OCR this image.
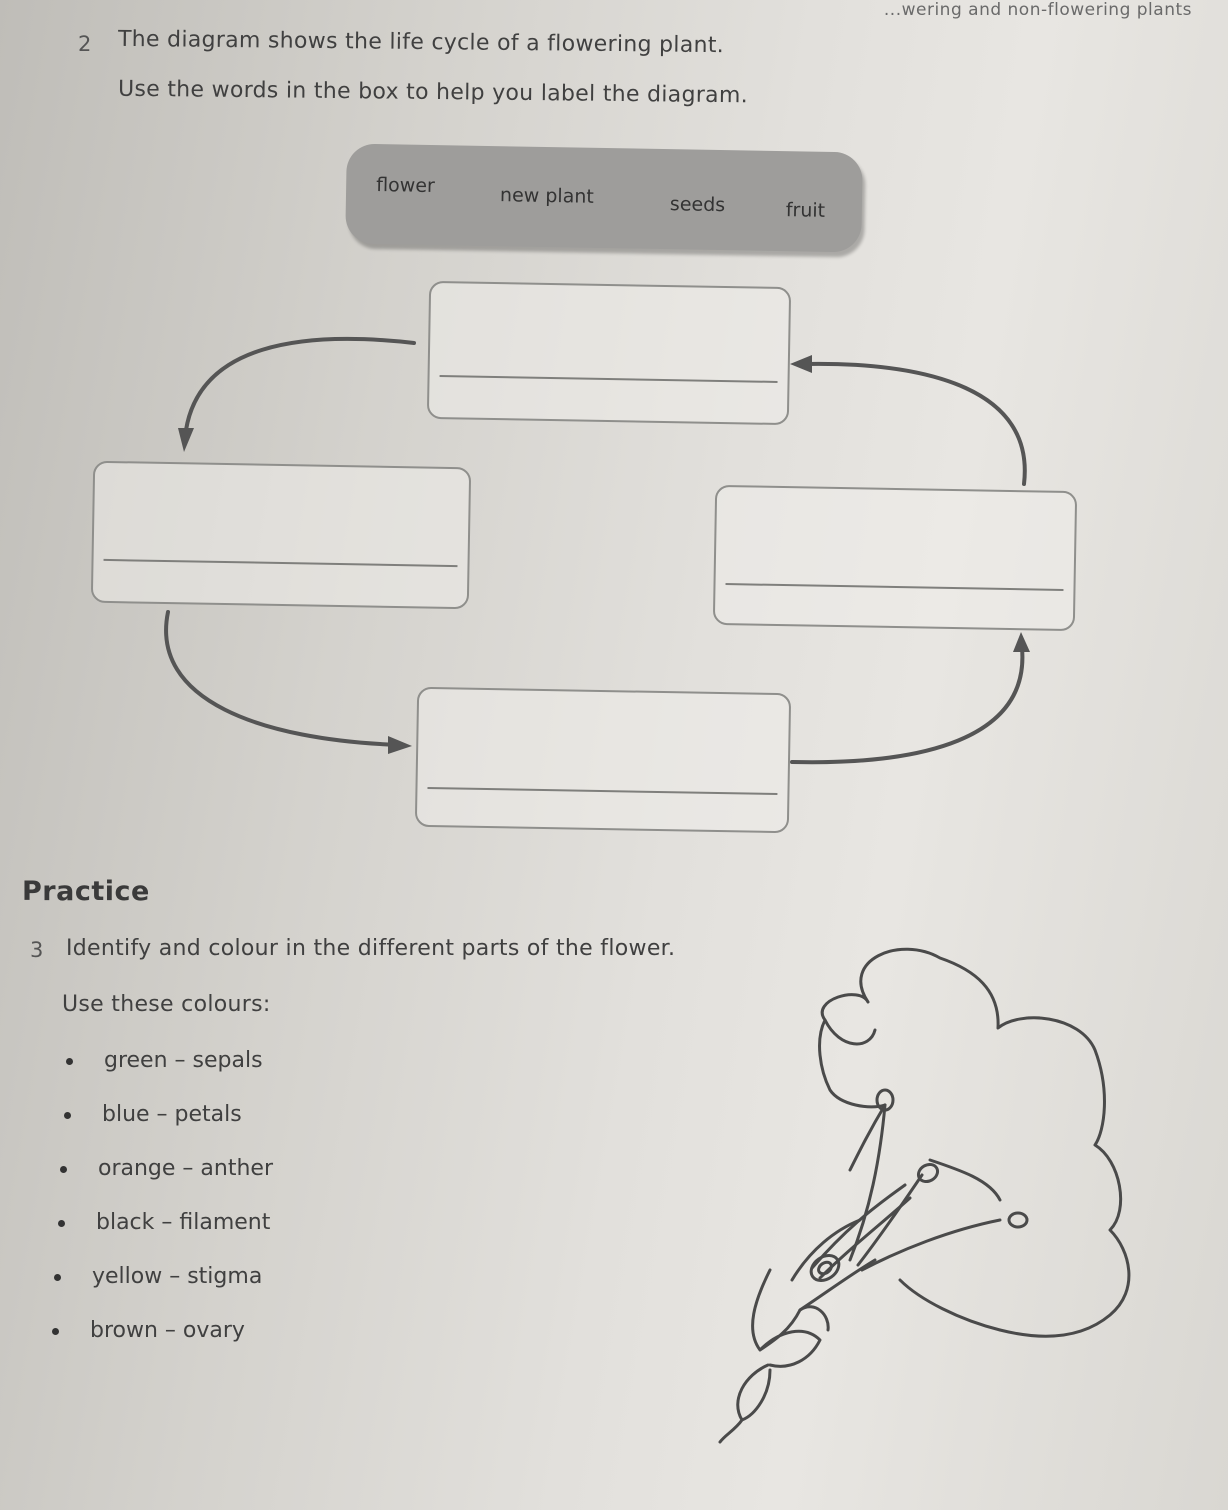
...wering and non-flowering plants
2 The diagram shows the life cycle of a flowering plant.
Use the words in the box to help you label the diagram.
flower	new plant	seeds	fruit
Practice
3 Identify and colour in the different parts of the flower.
Use these colours:
green – sepals
blue – petals
orange – anther
black – filament
yellow – stigma
brown – ovary
